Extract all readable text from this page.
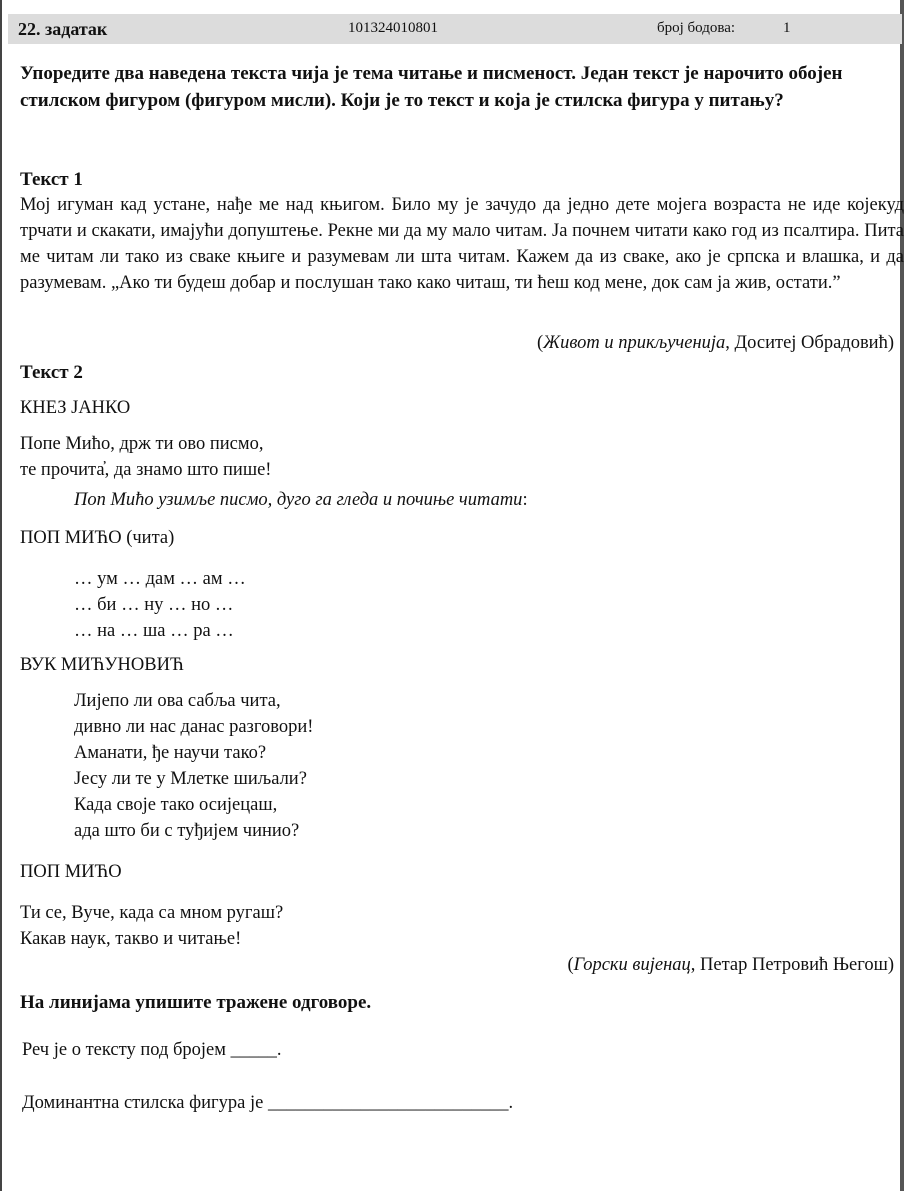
22. задатак	101324010801	број бодова:	1
Упоредите два наведена текста чија је тема читање и писменост. Један текст је нарочито обојен стилском фигуром (фигуром мисли). Који је то текст и која је стилска фигура у питању?
Текст 1
Мој игуман кад устане, нађе ме над књигом. Било му је зачудо да једно дете мојега возраста не иде којекуд трчати и скакати, имајући допуштење. Рекне ми да му мало читам. Ја почнем читати како год из псалтира. Пита ме читам ли тако из сваке књиге и разумевам ли шта читам. Кажем да из сваке, ако је српска и влашка, и да разумевам. „Ако ти будеш добар и послушан тако како читаш, ти ћеш код мене, док сам ја жив, остати.”
(Живот и прикљученија, Доситеј Обрадовић)
Текст 2
КНЕЗ ЈАНКО
Попе Мићо, држ ти ово писмо,
те прочита̓, да знамо што пише!
Поп Мићо узимље писмо, дуго га гледа и почиње читати:
ПОП МИЋО (чита)
… ум … дам … ам …
… би … ну … но …
… на … ша … ра …
ВУК МИЋУНОВИЋ
Лијепо ли ова сабља чита,
дивно ли нас данас разговори!
Аманати, ђе научи тако?
Јесу ли те у Млетке шиљали?
Када своје тако осијецаш,
ада што би с туђијем чинио?
ПОП МИЋО
Ти се, Вуче, када са мном ругаш?
Какав наук, такво и читање!
(Горски вијенац, Петар Петровић Његош)
На линијама упишите тражене одговоре.
Реч је о тексту под бројем _____.
Доминантна стилска фигура је __________________________.
